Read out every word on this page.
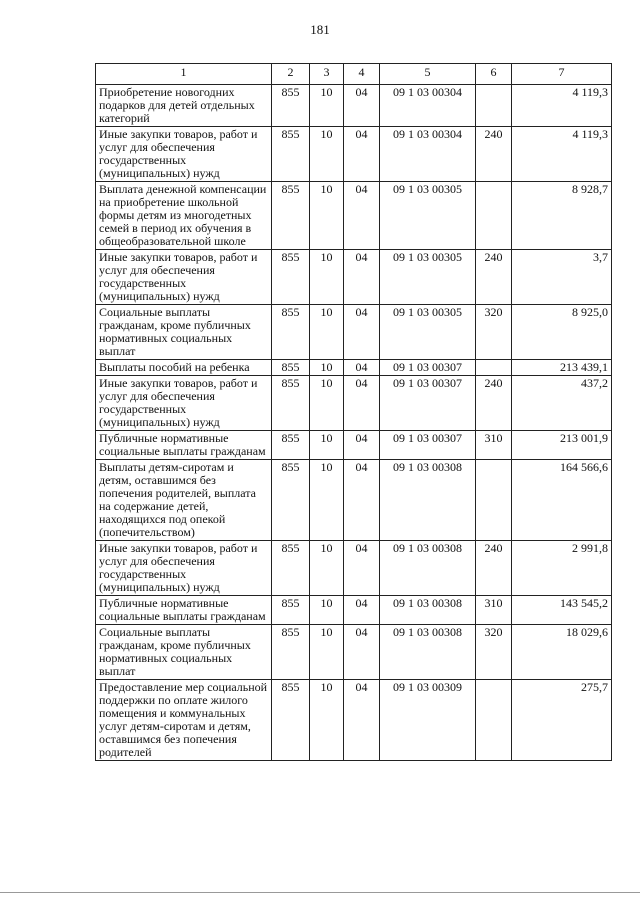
181
1	2	3	4	5	6	7
Приобретение новогодних подарков для детей отдельных категорий	855	10	04	09 1 03 00304		4 119,3
Иные закупки товаров, работ и услуг для обеспечения государственных (муниципальных) нужд	855	10	04	09 1 03 00304	240	4 119,3
Выплата денежной компенсации на приобретение школьной формы детям из многодетных семей в период их обучения в общеобразовательной школе	855	10	04	09 1 03 00305		8 928,7
Иные закупки товаров, работ и услуг для обеспечения государственных (муниципальных) нужд	855	10	04	09 1 03 00305	240	3,7
Социальные выплаты гражданам, кроме публичных нормативных социальных выплат	855	10	04	09 1 03 00305	320	8 925,0
Выплаты пособий на ребенка	855	10	04	09 1 03 00307		213 439,1
Иные закупки товаров, работ и услуг для обеспечения государственных (муниципальных) нужд	855	10	04	09 1 03 00307	240	437,2
Публичные нормативные социальные выплаты гражданам	855	10	04	09 1 03 00307	310	213 001,9
Выплаты детям-сиротам и детям, оставшимся без попечения родителей, выплата на содержание детей, находящихся под опекой (попечительством)	855	10	04	09 1 03 00308		164 566,6
Иные закупки товаров, работ и услуг для обеспечения государственных (муниципальных) нужд	855	10	04	09 1 03 00308	240	2 991,8
Публичные нормативные социальные выплаты гражданам	855	10	04	09 1 03 00308	310	143 545,2
Социальные выплаты гражданам, кроме публичных нормативных социальных выплат	855	10	04	09 1 03 00308	320	18 029,6
Предоставление мер социальной поддержки по оплате жилого помещения и коммунальных услуг детям-сиротам и детям, оставшимся без попечения родителей	855	10	04	09 1 03 00309		275,7
